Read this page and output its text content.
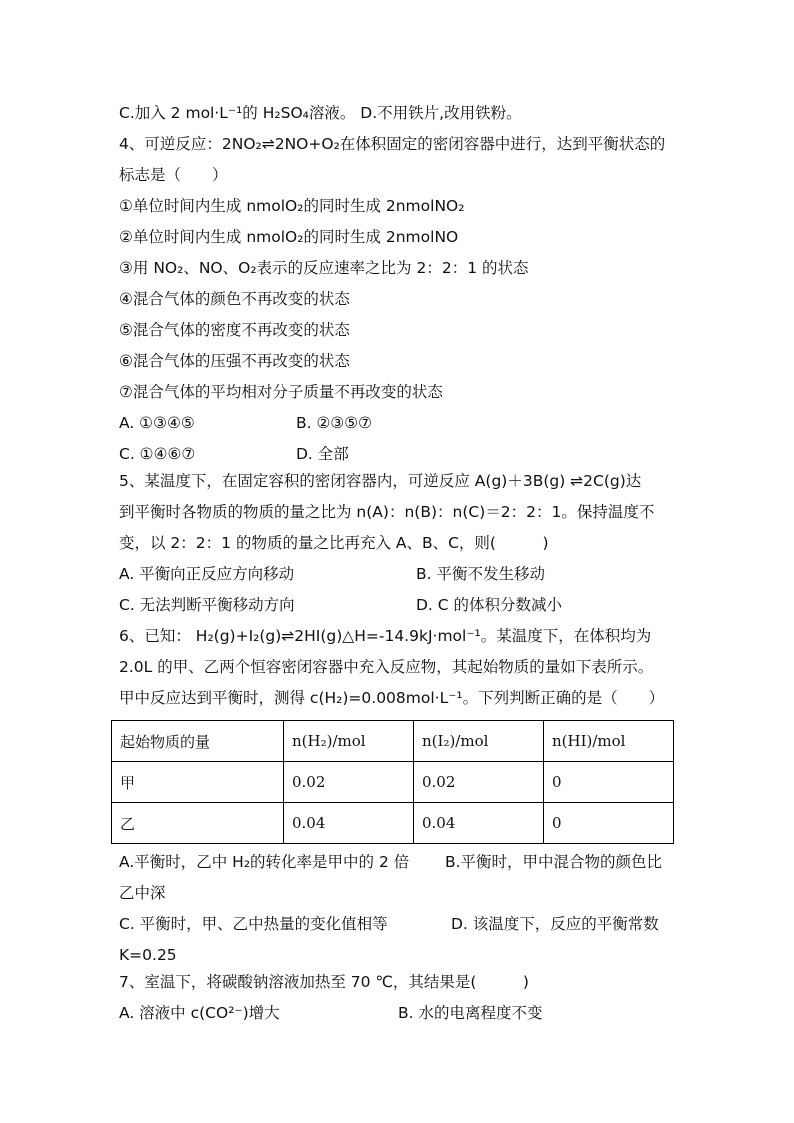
C.加入 2 mol·L⁻¹的 H₂SO₄溶液。 D.不用铁片,改用铁粉。
4、可逆反应：2NO₂⇌2NO+O₂在体积固定的密闭容器中进行，达到平衡状态的
标志是（　　）
①单位时间内生成 nmolO₂的同时生成 2nmolNO₂
②单位时间内生成 nmolO₂的同时生成 2nmolNO
③用 NO₂、NO、O₂表示的反应速率之比为 2：2：1 的状态
④混合气体的颜色不再改变的状态
⑤混合气体的密度不再改变的状态
⑥混合气体的压强不再改变的状态
⑦混合气体的平均相对分子质量不再改变的状态
A. ①③④⑤	B. ②③⑤⑦
C. ①④⑥⑦	D. 全部
5、某温度下，在固定容积的密闭容器内，可逆反应 A(g)＋3B(g) ⇌2C(g)达
到平衡时各物质的物质的量之比为 n(A)：n(B)：n(C)＝2：2：1。保持温度不
变，以 2：2：1 的物质的量之比再充入 A、B、C，则(　　　)
A. 平衡向正反应方向移动	B. 平衡不发生移动
C. 无法判断平衡移动方向	D. C 的体积分数减小
6、已知： H₂(g)+I₂(g)⇌2HI(g)△H=-14.9kJ·mol⁻¹。某温度下，在体积均为
2.0L 的甲、乙两个恒容密闭容器中充入反应物，其起始物质的量如下表所示。
甲中反应达到平衡时，测得 c(H₂)=0.008mol·L⁻¹。下列判断正确的是（　　）
起始物质的量	n(H₂)/mol	n(I₂)/mol	n(HI)/mol
甲	0.02	0.02	0
乙	0.04	0.04	0
A.平衡时，乙中 H₂的转化率是甲中的 2 倍 B.平衡时，甲中混合物的颜色比
乙中深
C. 平衡时，甲、乙中热量的变化值相等	D. 该温度下，反应的平衡常数
K=0.25
7、室温下，将碳酸钠溶液加热至 70 ℃，其结果是(　　　)
A. 溶液中 c(CO²⁻)增大	B. 水的电离程度不变
